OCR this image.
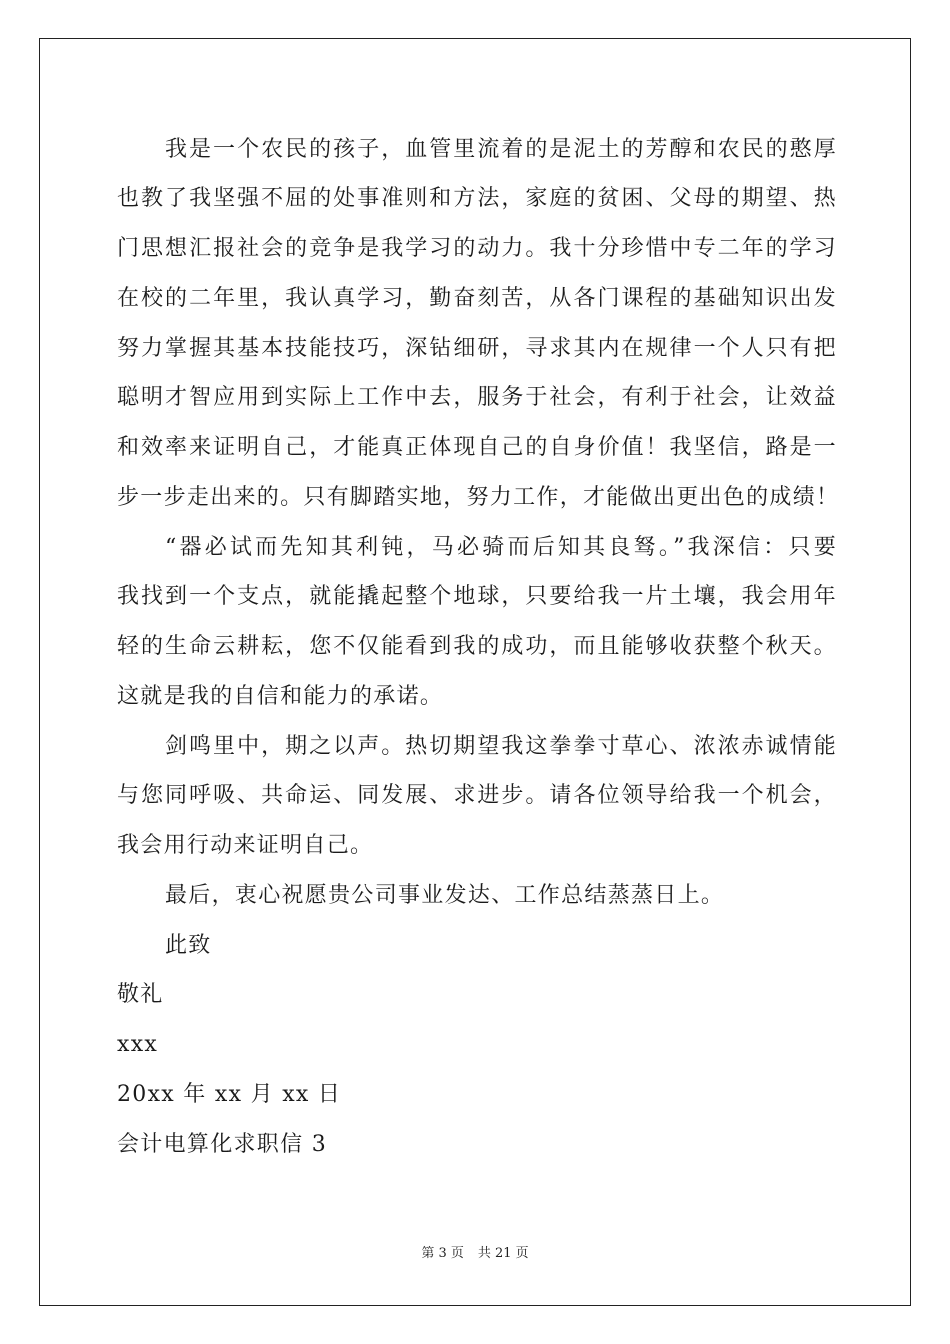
我是一个农民的孩子，血管里流着的是泥土的芳醇和农民的憨厚
也教了我坚强不屈的处事准则和方法，家庭的贫困、父母的期望、热
门思想汇报社会的竞争是我学习的动力。我十分珍惜中专二年的学习
在校的二年里，我认真学习，勤奋刻苦，从各门课程的基础知识出发
努力掌握其基本技能技巧，深钻细研，寻求其内在规律一个人只有把
聪明才智应用到实际上工作中去，服务于社会，有利于社会，让效益
和效率来证明自己，才能真正体现自己的自身价值！我坚信，路是一
步一步走出来的。只有脚踏实地，努力工作，才能做出更出色的成绩！
“器必试而先知其利钝，马必骑而后知其良驽。”我深信：只要
我找到一个支点，就能撬起整个地球，只要给我一片土壤，我会用年
轻的生命云耕耘，您不仅能看到我的成功，而且能够收获整个秋天。
这就是我的自信和能力的承诺。
剑鸣里中，期之以声。热切期望我这拳拳寸草心、浓浓赤诚情能
与您同呼吸、共命运、同发展、求进步。请各位领导给我一个机会，
我会用行动来证明自己。
最后，衷心祝愿贵公司事业发达、工作总结蒸蒸日上。
此致
敬礼
xxx
20xx 年 xx 月 xx 日
会计电算化求职信 3
第 3 页 共 21 页
